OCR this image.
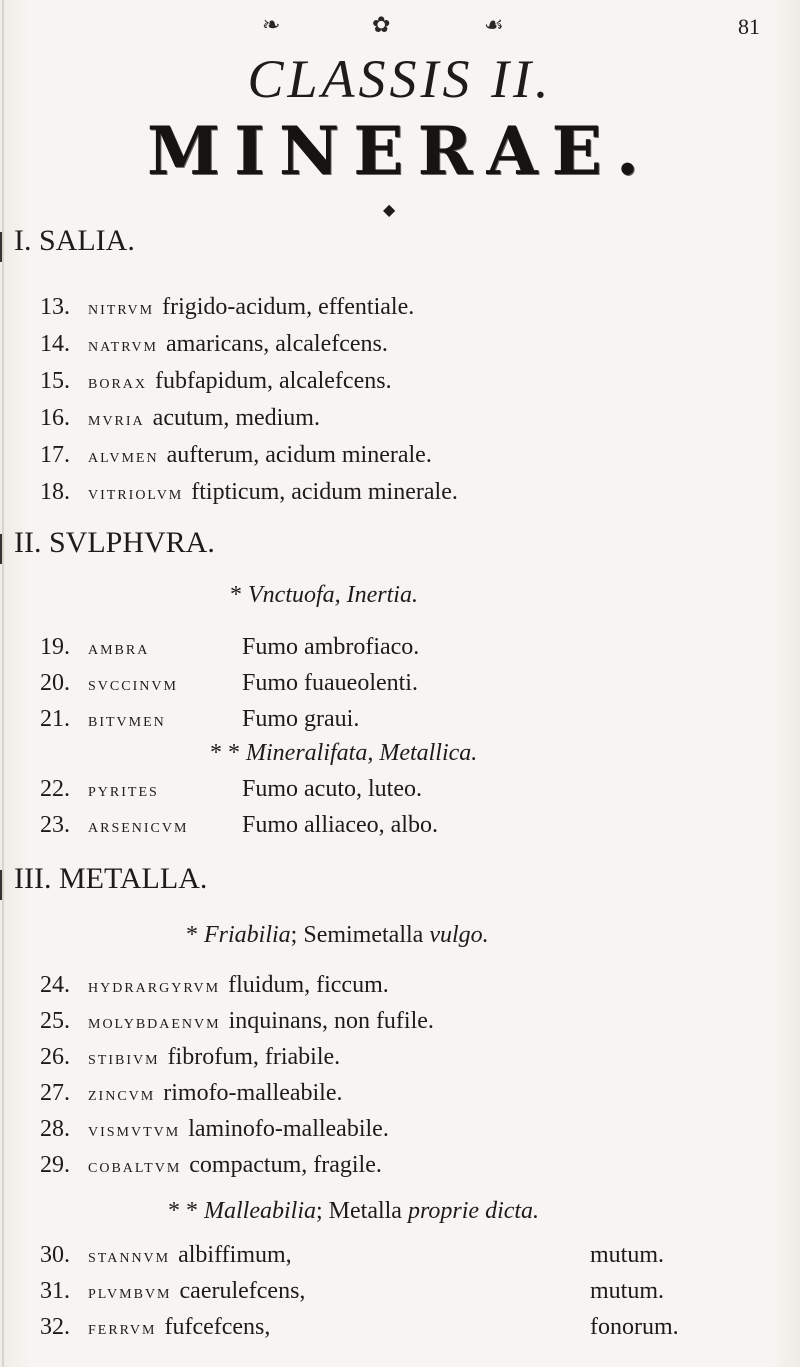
❧	✿	☙	81
CLASSIS II.
MINERAE.
◆
I. SALIA.
13. nitrvm frigido-acidum, effentiale.
14. natrvm amaricans, alcalefcens.
15. borax fubfapidum, alcalefcens.
16. mvria acutum, medium.
17. alvmen aufterum, acidum minerale.
18. vitriolvm ftipticum, acidum minerale.
II. SVLPHVRA.
* Vnctuofa, Inertia.
19. ambra	Fumo ambrofiaco.
20. svccinvm	Fumo fuaueolenti.
21. bitvmen	Fumo graui.
* * Mineralifata, Metallica.
22. pyrites	Fumo acuto, luteo.
23. arsenicvm Fumo alliaceo, albo.
III. METALLA.
* Friabilia; Semimetalla vulgo.
24. hydrargyrvm fluidum, ficcum.
25. molybdaenvm inquinans, non fufile.
26. stibivm fibrofum, friabile.
27. zincvm rimofo-malleabile.
28. vismvtvm laminofo-malleabile.
29. cobaltvm compactum, fragile.
* * Malleabilia; Metalla proprie dicta.
30. stannvm albiffimum,	mutum.
31. plvmbvm caerulefcens,	mutum.
32. ferrvm fufcefcens,	fonorum.
